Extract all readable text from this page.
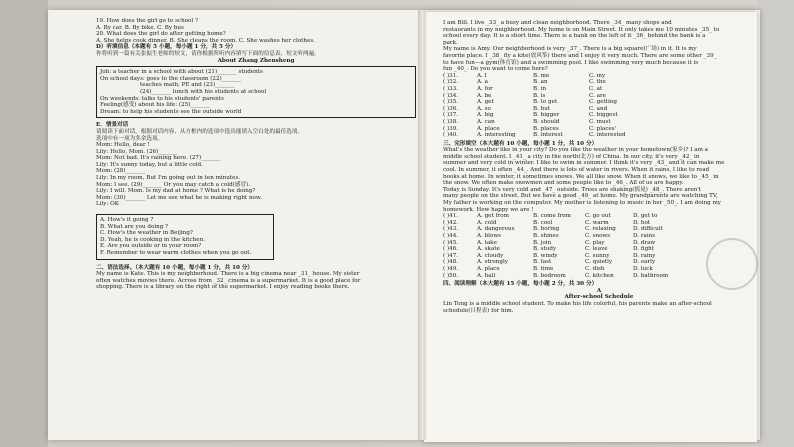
19. How does the girl go to school ?

A. By car. B. By bike. C. By bus

20. What does the girl do after getting home?

A. She helps cook dinner. B. She cleans the room. C. She washes her clothes.

D）听填信息（本题有 5 小题，每小题 1 分，共 5 分）

你将听到一篇有关张振生老师的短文，请你根据所听内容填写下面的信息表，短文听两遍。

About Zhang Zhensheng

Job: a teacher in a school with about (21)_______ students

On school days: goes to the classroom (22)_______

teaches math, PE and (23)_______

(24)_______ lunch with his students at school

On weekends: talks to his students' parents

Feeling(感受) about his life: (25)_______

Dream: to help his students see the outside world

E．情景对话

请阅读下面对话，根据对话内容，从方框内的选项中选出能填入空白处的最佳选项。

选项中有一项为多余选项。

Mom: Hello, dear !

Lily: Hello, Mom. (26)_______

Mom: Not bad. It's raining here. (27)_______

Lily: It's sunny today, but a little cold.

Mom: (28)_______

Lily: In my room, But I'm going out in ten minutes.

Mom: I see. (29)_______ Or you may catch a cold(感冒).

Lily: I will. Mom. Is my dad at home ? What is he doing?

Mom: (30)_______ Let me see what he is making right now.

Lily: OK

A. How's it going ?

B. What are you doing ?

C. How's the weather in Beijing?

D. Yeah, he is cooking in the kitchen.

E. Are you outside or in your room?

F. Remember to wear warm clothes when you go out.

二、语法选择。（本大题有 10 小题，每小题 1 分，共 10 分）

My name is Kate. This is my neighborhood. There is a big cinema near _31_ house. My sister

often watches movies there. Across from _32_ cinema is a supermarket. It is a good place for

shopping. There is a library on the right of the supermarket. I enjoy reading books there.

I am Bill. I live _33_ a busy and clean neighborhood. There _34_ many shops and

restaurants in my neighborhood. My home is on Main Street. It only takes me 10 minutes _35_ to

school every day. It is a short time. There is a bank on the left of it _36_ behind the bank is a

park.

My name is Amy. Our neighborhood is very _37_. There is a big square(广场) in it. It is my

favorite place. I _38_ fly a kite(放风筝) there and I enjoy it very much. There are some other _39_

to have fun—a gym(体育馆) and a swimming pool. I like swimming very much because it is

fun _40_. Do you want to come here?

( )31.	A. I	B. me	C. my
( )32.	A. a	B. an	C. the
( )33.	A. for	B. in	C. at
( )34.	A. be	B. is	C. are
( )35.	A. get	B. to get	C. getting
( )36.	A. so	B. but	C. and
( )37.	A. big	B. bigger	C. biggest
( )38.	A. can	B. should	C. must
( )39.	A. place	B. places	C. places'
( )40.	A. interesting	B. interest	C. interested

三、完形填空（本大题有 10 小题，每小题 1 分，共 10 分）

What's the weather like in your city? Do you like the weather in your hometown(家乡)? I am a

middle school student. I _41_ a city in the north(北方) of China. In our city, it's very _42_ in

summer and very cold in winter. I like to swim in summer. I think it's very _43_ and it can make me

cool. In summer, it often _44_. And there is lots of water in rivers. When it rains, I like to read

books at home. In winter, it sometimes snows. We all like snow. When it snows, we like to _45_ in

the snow. We often make snowmen and some people like to _46_. All of us are happy.

Today is Sunday. It's very cold and _47_ outside. Trees are shaking(摇晃) _48_. There aren't

many people on the street. But we have a good _49_ at home. My grandparents are watching TV,

My father is working on the computer. My mother is listening to music in her _50_. I am doing my

homework. How happy we are !

( )41.	A. get from	B. come from	C. go out	D. get to
( )42.	A. cold	B. cool	C. warm	D. hot
( )43.	A. dangerous	B. boring	C. relaxing	D. difficult
( )44.	A. blows	B. shines	C. snows	D. rains
( )45.	A. take	B. join	C. play	D. draw
( )46.	A. skate	B. study	C. leave	D. fight
( )47.	A. cloudy	B. windy	C. sunny	D. rainy
( )48.	A. strongly	B. fast	C. quietly	D. early
( )49.	A. place	B. time	C. dish	D. luck
( )50.	A. hall	B. bedroom	C. kitchen	D. bathroom

四、阅读理解（本大题有 15 小题，每小题 2 分，共 30 分）

A

After-school Schedule

Lin Tong is a middle school student. To make his life colorful, his parents make an after-school

schedule(日程表) for him.
